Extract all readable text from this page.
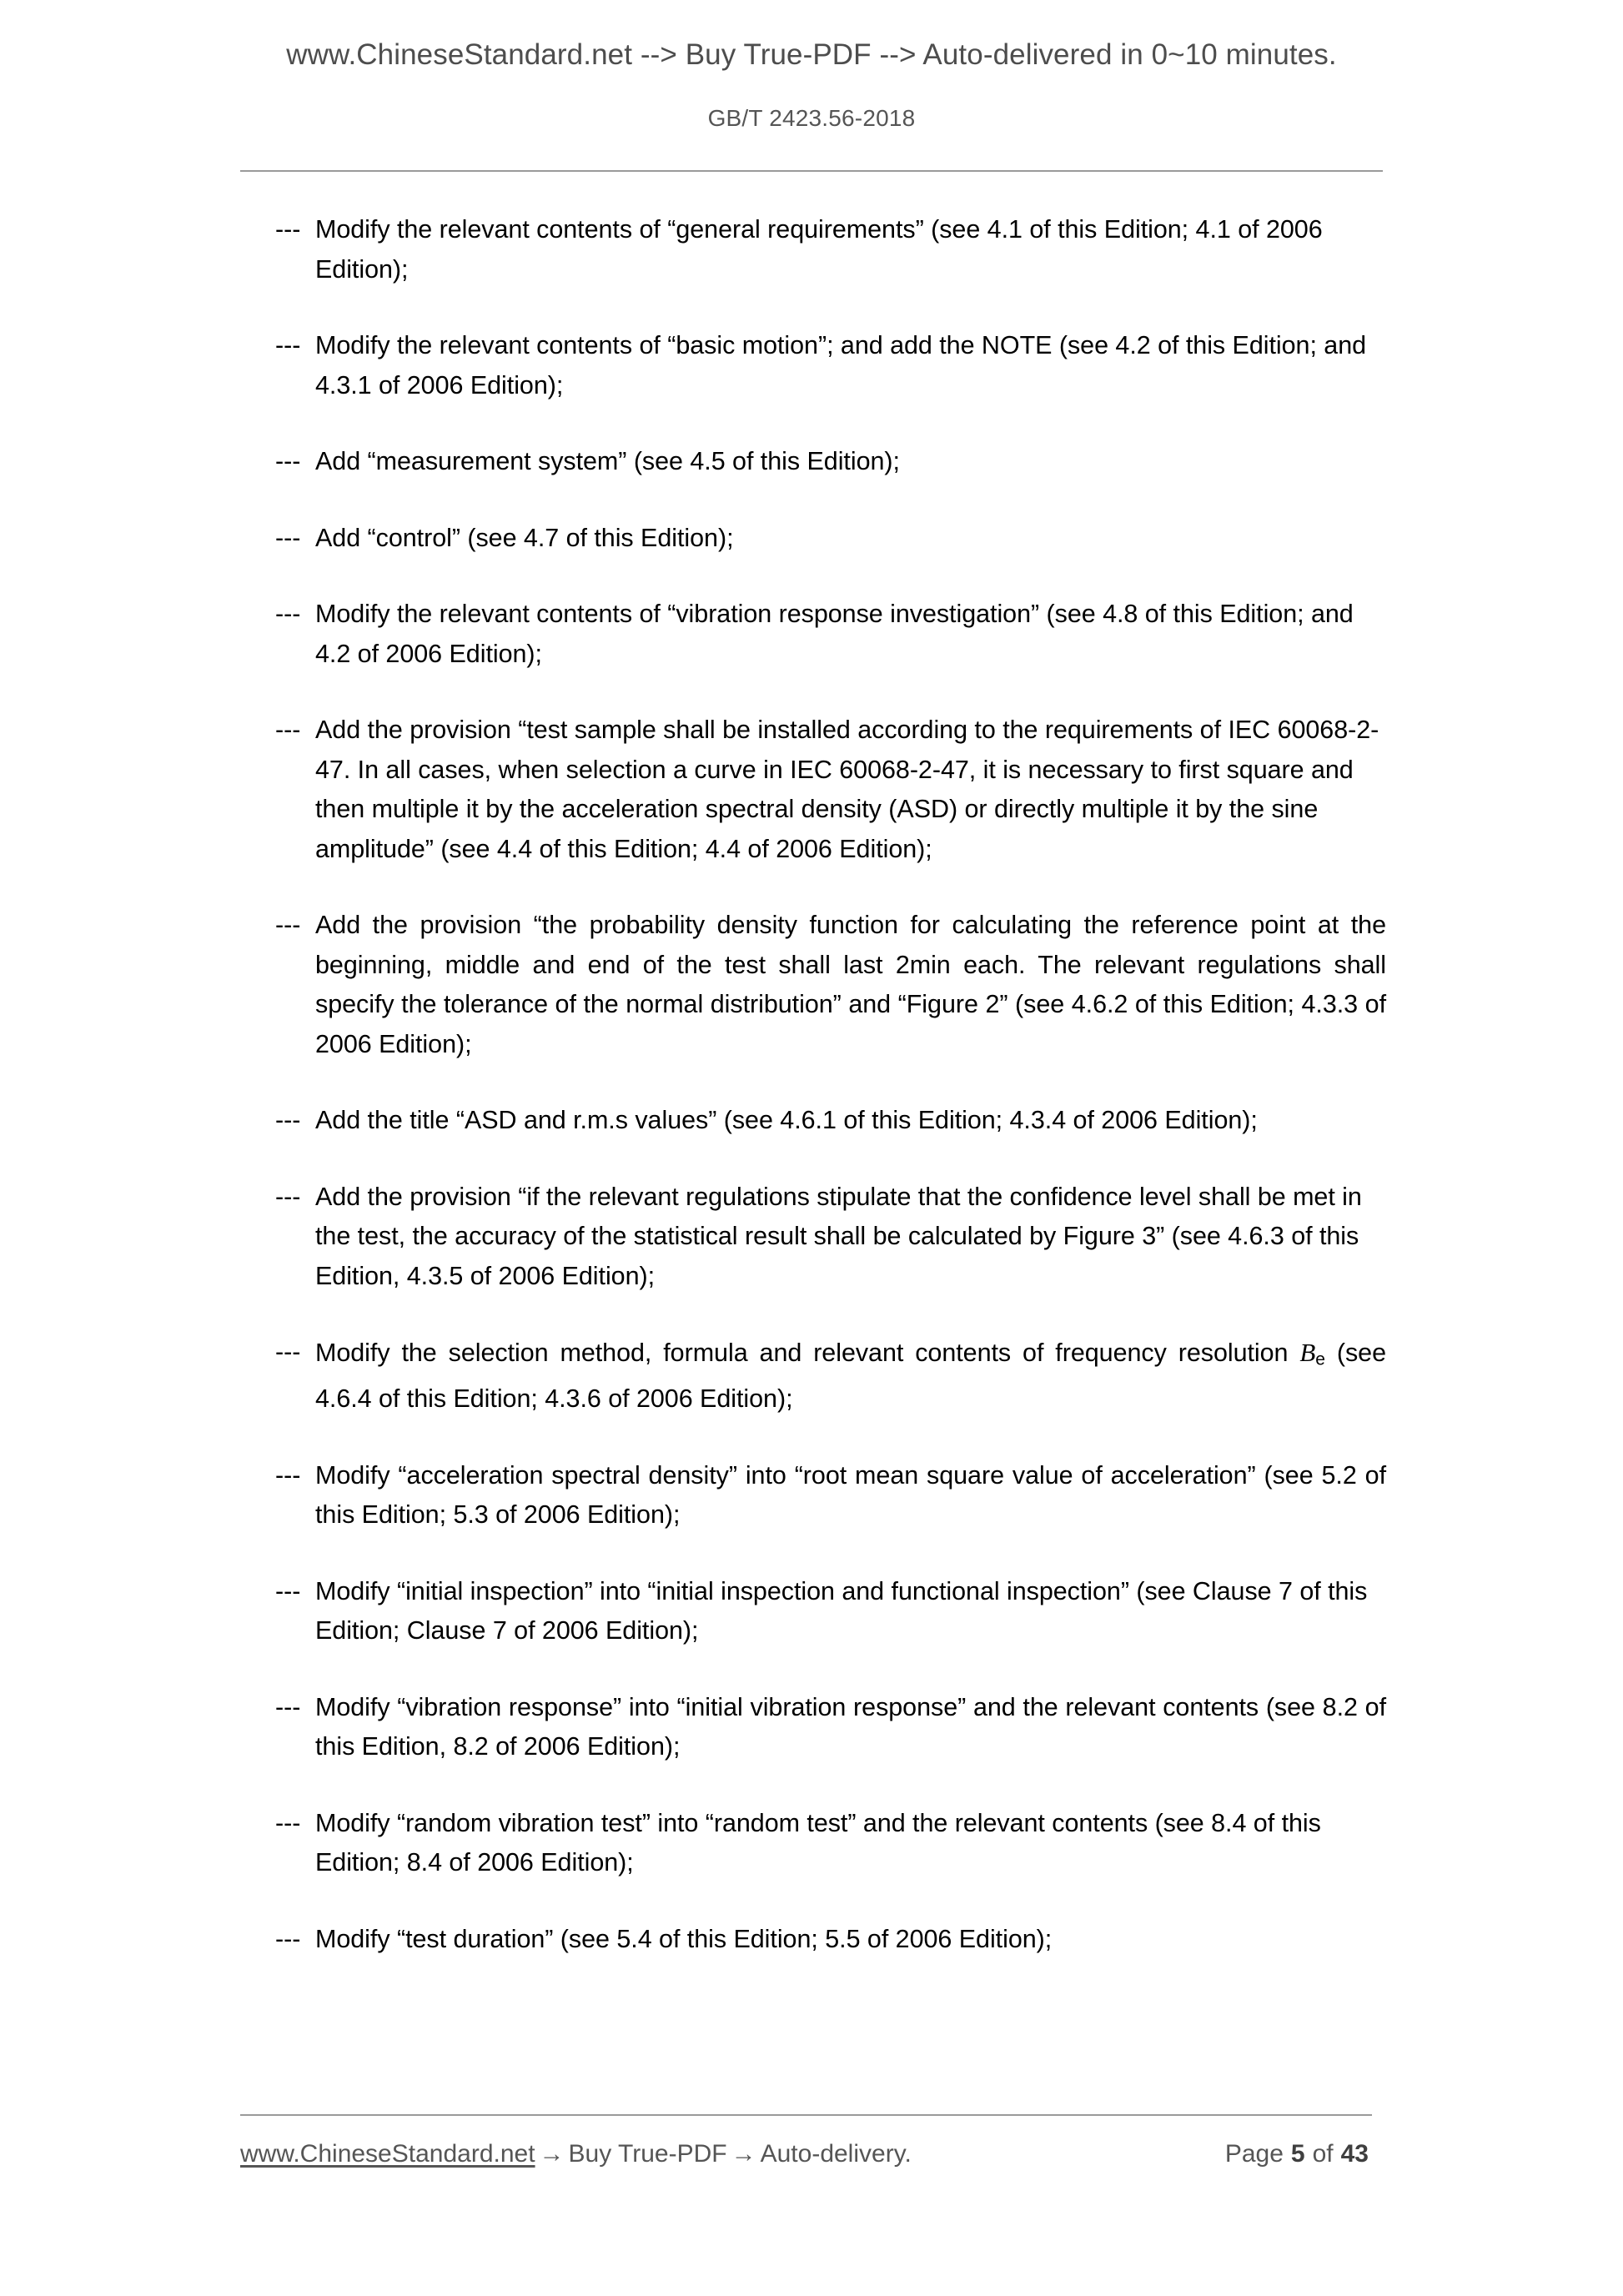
www.ChineseStandard.net --> Buy True-PDF --> Auto-delivered in 0~10 minutes.
GB/T 2423.56-2018

--- Modify the relevant contents of “general requirements” (see 4.1 of this Edition; 4.1 of 2006 Edition);

--- Modify the relevant contents of “basic motion”; and add the NOTE (see 4.2 of this Edition; and 4.3.1 of 2006 Edition);

--- Add “measurement system” (see 4.5 of this Edition);

--- Add “control” (see 4.7 of this Edition);

--- Modify the relevant contents of “vibration response investigation” (see 4.8 of this Edition; and 4.2 of 2006 Edition);

--- Add the provision “test sample shall be installed according to the requirements of IEC 60068-2-47. In all cases, when selection a curve in IEC 60068-2-47, it is necessary to first square and then multiple it by the acceleration spectral density (ASD) or directly multiple it by the sine amplitude” (see 4.4 of this Edition; 4.4 of 2006 Edition);

--- Add the provision “the probability density function for calculating the reference point at the beginning, middle and end of the test shall last 2min each. The relevant regulations shall specify the tolerance of the normal distribution” and “Figure 2” (see 4.6.2 of this Edition; 4.3.3 of 2006 Edition);

--- Add the title “ASD and r.m.s values” (see 4.6.1 of this Edition; 4.3.4 of 2006 Edition);

--- Add the provision “if the relevant regulations stipulate that the confidence level shall be met in the test, the accuracy of the statistical result shall be calculated by Figure 3” (see 4.6.3 of this Edition, 4.3.5 of 2006 Edition);

--- Modify the selection method, formula and relevant contents of frequency resolution $B_e$ (see 4.6.4 of this Edition; 4.3.6 of 2006 Edition);

--- Modify “acceleration spectral density” into “root mean square value of acceleration” (see 5.2 of this Edition; 5.3 of 2006 Edition);

--- Modify “initial inspection” into “initial inspection and functional inspection” (see Clause 7 of this Edition; Clause 7 of 2006 Edition);

--- Modify “vibration response” into “initial vibration response” and the relevant contents (see 8.2 of this Edition, 8.2 of 2006 Edition);

--- Modify “random vibration test” into “random test” and the relevant contents (see 8.4 of this Edition; 8.4 of 2006 Edition);

--- Modify “test duration” (see 5.4 of this Edition; 5.5 of 2006 Edition);

www.ChineseStandard.net → Buy True-PDF → Auto-delivery.	Page 5 of 43
